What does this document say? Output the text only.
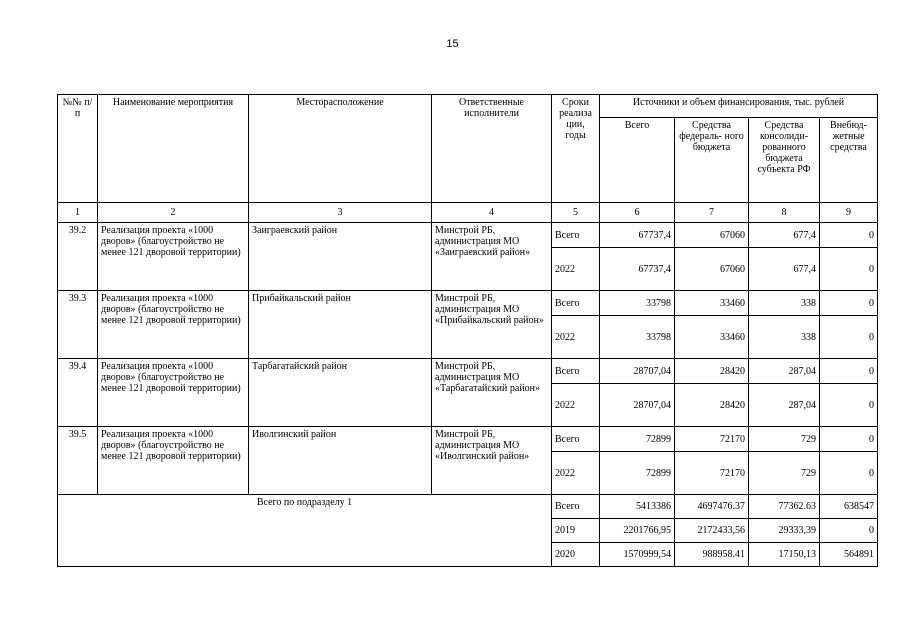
15
№№ п/п	Наименование мероприятия	Месторасположение	Ответственные исполнители	Сроки реализа ции, годы	Источники и объем финансирования, тыс. рублей			
					Всего	Средства федераль- ного бюджета	Средства консолиди- рованного бюджета субъекта РФ	Внебюд- жетные средства
1	2	3	4	5	6	7	8	9
39.2	Реализация проекта «1000 дворов» (благоустройство не менее 121 дворовой территории)	Заиграевский район	Минстрой РБ, администрация МО «Заиграевский район»	Всего	67737,4	67060	677,4	0
				2022	67737,4	67060	677,4	0
39.3	Реализация проекта «1000 дворов» (благоустройство не менее 121 дворовой территории)	Прибайкальский район	Минстрой РБ, администрация МО «Прибайкальский район»	Всего	33798	33460	338	0
				2022	33798	33460	338	0
39.4	Реализация проекта «1000 дворов» (благоустройство не менее 121 дворовой территории)	Тарбагатайский район	Минстрой РБ, администрация МО «Тарбагатайский район»	Всего	28707,04	28420	287,04	0
				2022	28707,04	28420	287,04	0
39.5	Реализация проекта «1000 дворов» (благоустройство не менее 121 дворовой территории)	Иволгинский район	Минстрой РБ, администрация МО «Иволгинский район»	Всего	72899	72170	729	0
				2022	72899	72170	729	0
Всего по подразделу 1				Всего	5413386	4697476.37	77362.63	638547
				2019	2201766,95	2172433,56	29333,39	0
				2020	1570999,54	988958.41	17150,13	564891
